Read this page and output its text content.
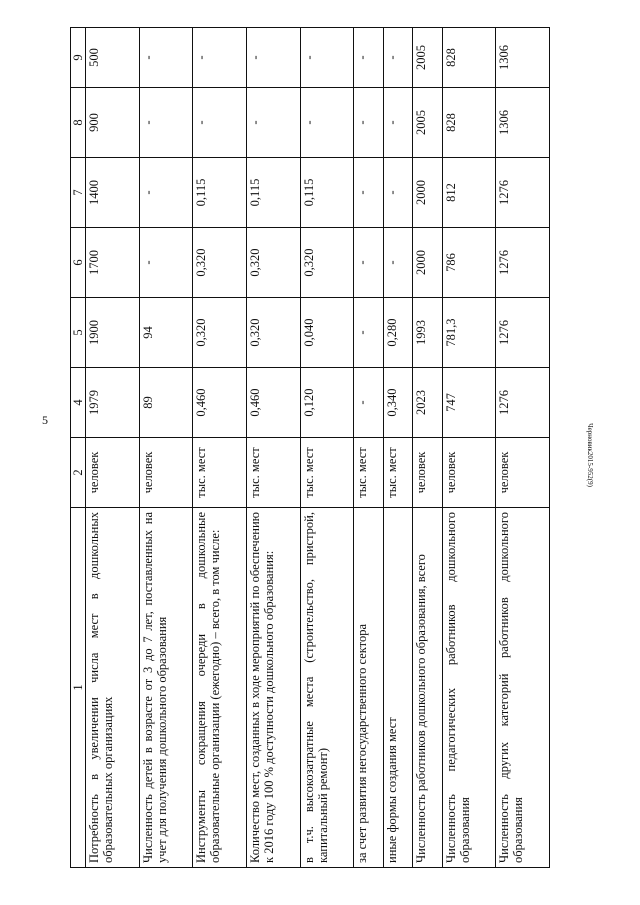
5
Черновик2015-952(9)
1	2	4	5	6	7	8	9
Потребность в увеличении числа мест в дошкольных образовательных организациях	человек	1979	1900	1700	1400	900	500
Численность детей в возрасте от 3 до 7 лет, поставленных на учет для получения дошкольного образования	человек	89	94	-	-	-	-
Инструменты сокращения очереди в дошкольные образовательные организации (ежегодно) – всего, в том числе:	тыс. мест	0,460	0,320	0,320	0,115	-	-
Количество мест, созданных в ходе мероприятий по обеспечению к 2016 году 100 % доступности дошкольного образования:	тыс. мест	0,460	0,320	0,320	0,115	-	-
в т.ч. высокозатратные места (строительство, пристрой, капитальный ремонт)	тыс. мест	0,120	0,040	0,320	0,115	-	-
за счет развития негосударственного сектора	тыс. мест	-	-	-	-	-	-
иные формы создания мест	тыс. мест	0,340	0,280	-	-	-	-
Численность работников дошкольного образования, всего	человек	2023	1993	2000	2000	2005	2005
Численность педагогических работников дошкольного образования	человек	747	781,3	786	812	828	828
Численность других категорий работников дошкольного образования	человек	1276	1276	1276	1276	1306	1306
